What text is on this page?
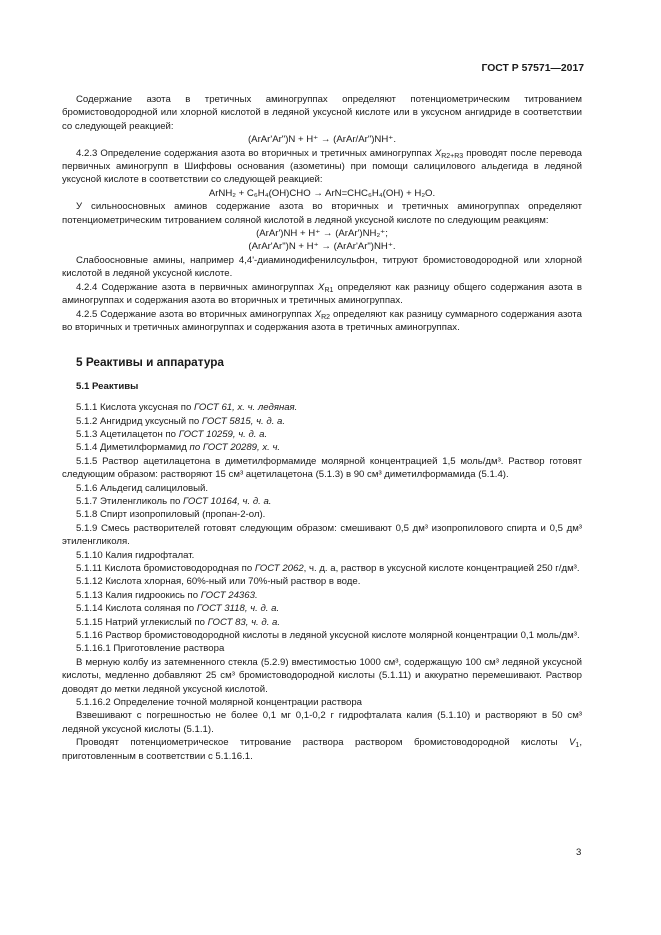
ГОСТ Р 57571—2017

Содержание азота в третичных аминогруппах определяют потенциометрическим титрованием бромистоводородной или хлорной кислотой в ледяной уксусной кислоте или в уксусном ангидриде в соответствии со следующей реакцией:

(ArAr'Ar")N + H⁺ → (ArAr/Ar")NH⁺.

4.2.3 Определение содержания азота во вторичных и третичных аминогруппах $X_{R2+R3}$ проводят после перевода первичных аминогрупп в Шиффовы основания (азометины) при помощи салицилового альдегида в ледяной уксусной кислоте в соответствии со следующей реакцией:

ArNH₂ + C₆H₄(OH)CHO → ArN=CHC₆H₄(OH) + H₂O.

У сильноосновных аминов содержание азота во вторичных и третичных аминогруппах определяют потенциометрическим титрованием соляной кислотой в ледяной уксусной кислоте по следующим реакциям:

(ArAr')NH + H⁺ → (ArAr')NH₂⁺;

(ArAr'Ar")N + H⁺ → (ArAr'Ar")NH⁺.

Слабоосновные амины, например 4,4'-диаминодифенилсульфон, титруют бромистоводородной или хлорной кислотой в ледяной уксусной кислоте.

4.2.4 Содержание азота в первичных аминогруппах $X_{R1}$ определяют как разницу общего содержания азота в аминогруппах и содержания азота во вторичных и третичных аминогруппах.

4.2.5 Содержание азота во вторичных аминогруппах $X_{R2}$ определяют как разницу суммарного содержания азота во вторичных и третичных аминогруппах и содержания азота в третичных аминогруппах.

5 Реактивы и аппаратура
5.1 Реактивы

5.1.1 Кислота уксусная по ГОСТ 61, х. ч. ледяная.

5.1.2 Ангидрид уксусный по ГОСТ 5815, ч. д. а.

5.1.3 Ацетилацетон по ГОСТ 10259, ч. д. а.

5.1.4 Диметилформамид по ГОСТ 20289, х. ч.

5.1.5 Раствор ацетилацетона в диметилформамиде молярной концентрацией 1,5 моль/дм³. Раствор готовят следующим образом: растворяют 15 см³ ацетилацетона (5.1.3) в 90 см³ диметилформамида (5.1.4).

5.1.6 Альдегид салициловый.

5.1.7 Этиленгликоль по ГОСТ 10164, ч. д. а.

5.1.8 Спирт изопропиловый (пропан-2-ол).

5.1.9 Смесь растворителей готовят следующим образом: смешивают 0,5 дм³ изопропилового спирта и 0,5 дм³ этиленгликоля.

5.1.10 Калия гидрофталат.

5.1.11 Кислота бромистоводородная по ГОСТ 2062, ч. д. а, раствор в уксусной кислоте концентрацией 250 г/дм³.

5.1.12 Кислота хлорная, 60%-ный или 70%-ный раствор в воде.

5.1.13 Калия гидроокись по ГОСТ 24363.

5.1.14 Кислота соляная по ГОСТ 3118, ч. д. а.

5.1.15 Натрий углекислый по ГОСТ 83, ч. д. а.

5.1.16 Раствор бромистоводородной кислоты в ледяной уксусной кислоте молярной концентрации 0,1 моль/дм³.

5.1.16.1 Приготовление раствора

В мерную колбу из затемненного стекла (5.2.9) вместимостью 1000 см³, содержащую 100 см³ ледяной уксусной кислоты, медленно добавляют 25 см³ бромистоводородной кислоты (5.1.11) и аккуратно перемешивают. Раствор доводят до метки ледяной уксусной кислотой.

5.1.16.2 Определение точной молярной концентрации раствора

Взвешивают с погрешностью не более 0,1 мг 0,1-0,2 г гидрофталата калия (5.1.10) и растворяют в 50 см³ ледяной уксусной кислоты (5.1.1).

Проводят потенциометрическое титрование раствора раствором бромистоводородной кислоты $V_1$, приготовленным в соответствии с 5.1.16.1.

3
